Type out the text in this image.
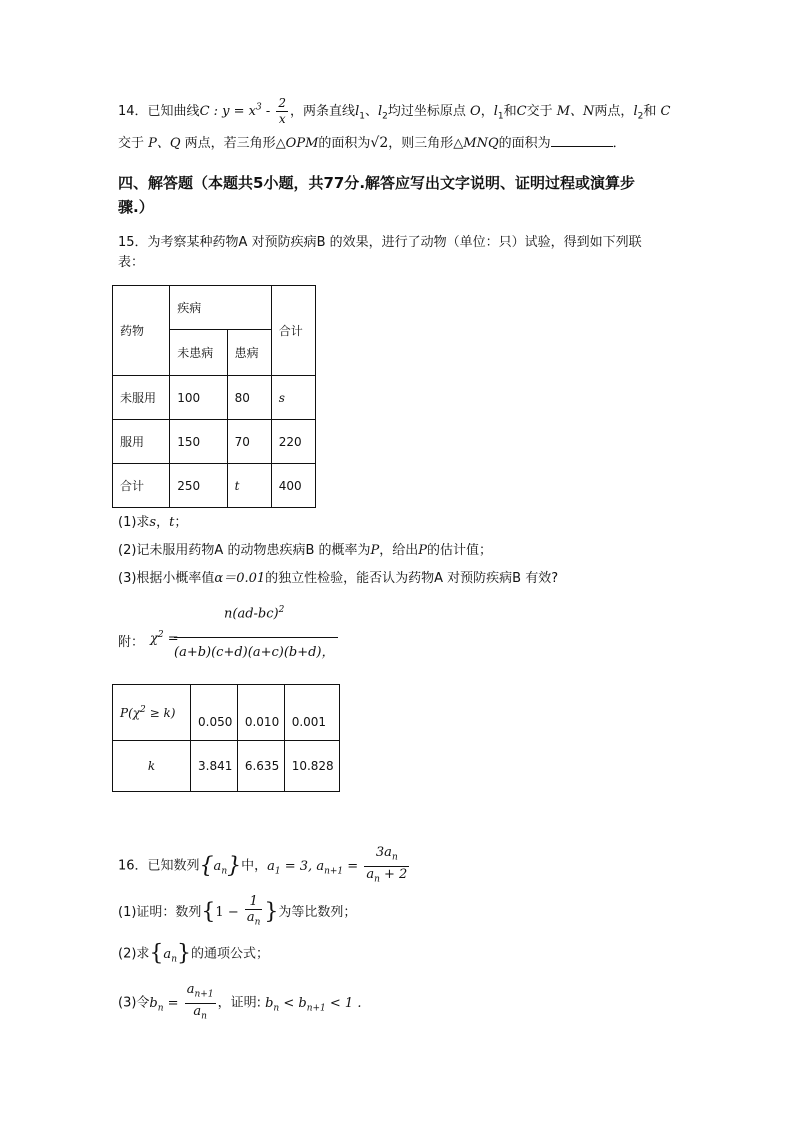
14．已知曲线C : $y = x^3 - \frac{2}{x}$ ，两条直线$l_1$、$l_2$均过坐标原点 O，$l_1$和C交于 M、N两点，$l_2$和 C
交于 P、Q 两点，若三角形△OPM的面积为√2，则三角形△MNQ的面积为	．
四、解答题（本题共5小题，共77分.解答应写出文字说明、证明过程或演算步
骤.）
15．为考察某种药物A 对预防疾病B 的效果，进行了动物（单位：只）试验，得到如下列联
表：
药物	疾病		合计
	未患病	患病	
未服用	100	80	s
服用	150	70	220
合计	250	t	400
(1)求s，t；
(2)记未服用药物A 的动物患疾病B 的概率为P，给出P的估计值；
(3)根据小概率值α＝0.01的独立性检验，能否认为药物A 对预防疾病B 有效?
附： $\chi^2$ =
$n(ad-bc)^2$
(a+b)(c+d)(a+c)(b+d)，
$P(\chi^2 \ge k)$	0.050	0.010	0.001
k	3.841	6.635	10.828
16．已知数列$\{a_n\}$中，$a_1 = 3$, $a_{n+1} = \frac{3a_n}{a_n + 2}$
(1)证明：数列{$1 - \frac{1}{a_n}$ }为等比数列；
(2)求$\{a_n\}$的通项公式；
(3)令$b_n = \frac{a_{n+1}}{a_n}$ ，证明: $b_n < b_{n+1} < 1$ .
